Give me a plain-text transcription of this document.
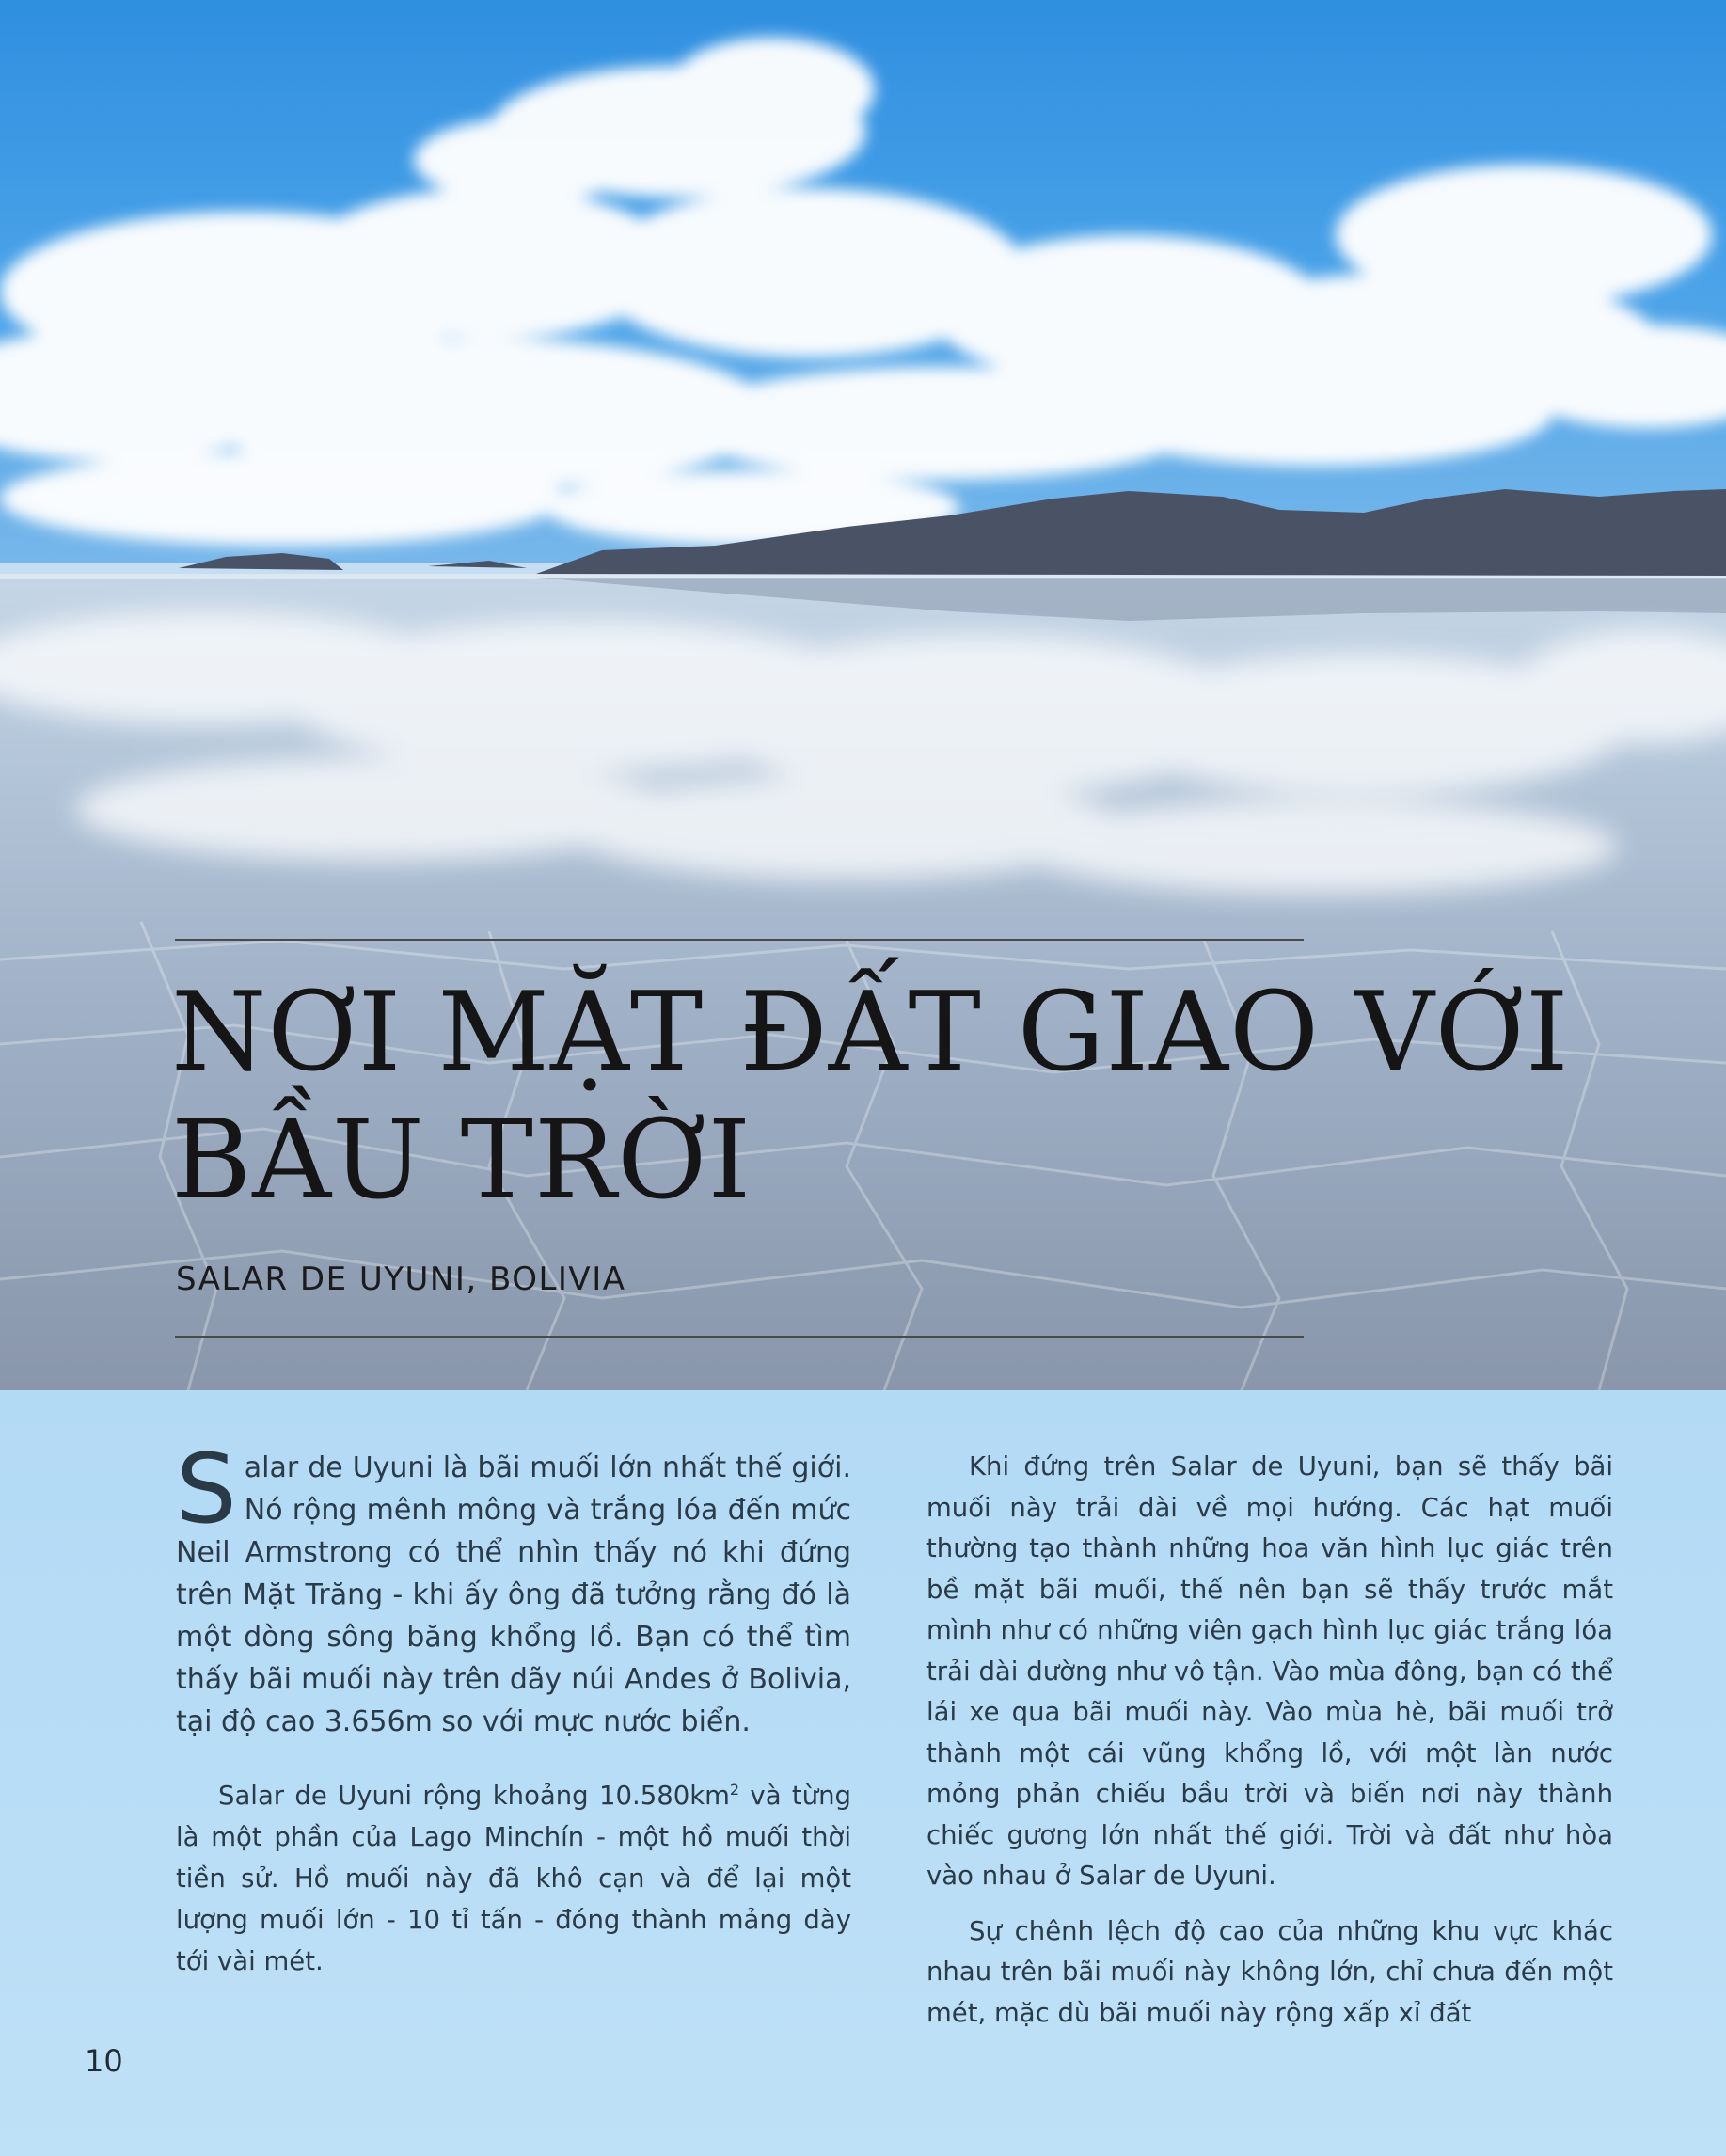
NƠI MẶT ĐẤT GIAO VỚI
BẦU TRỜI

SALAR DE UYUNI, BOLIVIA

Salar de Uyuni là bãi muối lớn nhất thế giới. Nó rộng mênh mông và trắng lóa đến mức Neil Armstrong có thể nhìn thấy nó khi đứng trên Mặt Trăng - khi ấy ông đã tưởng rằng đó là một dòng sông băng khổng lồ. Bạn có thể tìm thấy bãi muối này trên dãy núi Andes ở Bolivia, tại độ cao 3.656m so với mực nước biển.

Salar de Uyuni rộng khoảng $10.580km^2$ và từng là một phần của Lago Minchín - một hồ muối thời tiền sử. Hồ muối này đã khô cạn và để lại một lượng muối lớn - 10 tỉ tấn - đóng thành mảng dày tới vài mét.

Khi đứng trên Salar de Uyuni, bạn sẽ thấy bãi muối này trải dài về mọi hướng. Các hạt muối thường tạo thành những hoa văn hình lục giác trên bề mặt bãi muối, thế nên bạn sẽ thấy trước mắt mình như có những viên gạch hình lục giác trắng lóa trải dài dường như vô tận. Vào mùa đông, bạn có thể lái xe qua bãi muối này. Vào mùa hè, bãi muối trở thành một cái vũng khổng lồ, với một làn nước mỏng phản chiếu bầu trời và biến nơi này thành chiếc gương lớn nhất thế giới. Trời và đất như hòa vào nhau ở Salar de Uyuni.

Sự chênh lệch độ cao của những khu vực khác nhau trên bãi muối này không lớn, chỉ chưa đến một mét, mặc dù bãi muối này rộng xấp xỉ đất

10
